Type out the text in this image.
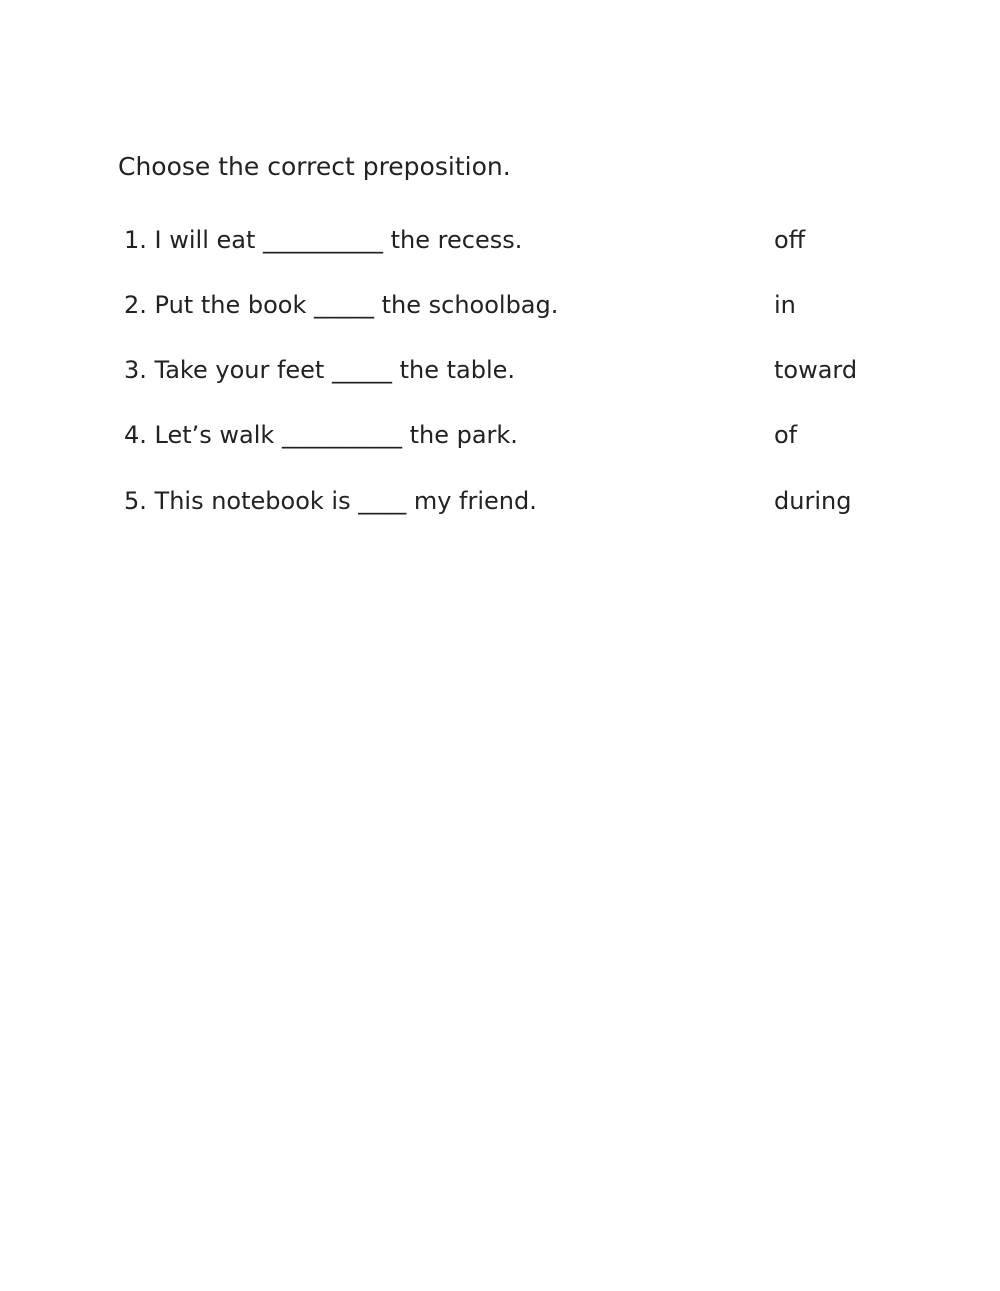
Choose the correct preposition.
1. I will eat __________ the recess.
2. Put the book _____ the schoolbag.
3. Take your feet _____ the table.
4. Let’s walk __________ the park.
5. This notebook is ____ my friend.
off
in
toward
of
during
